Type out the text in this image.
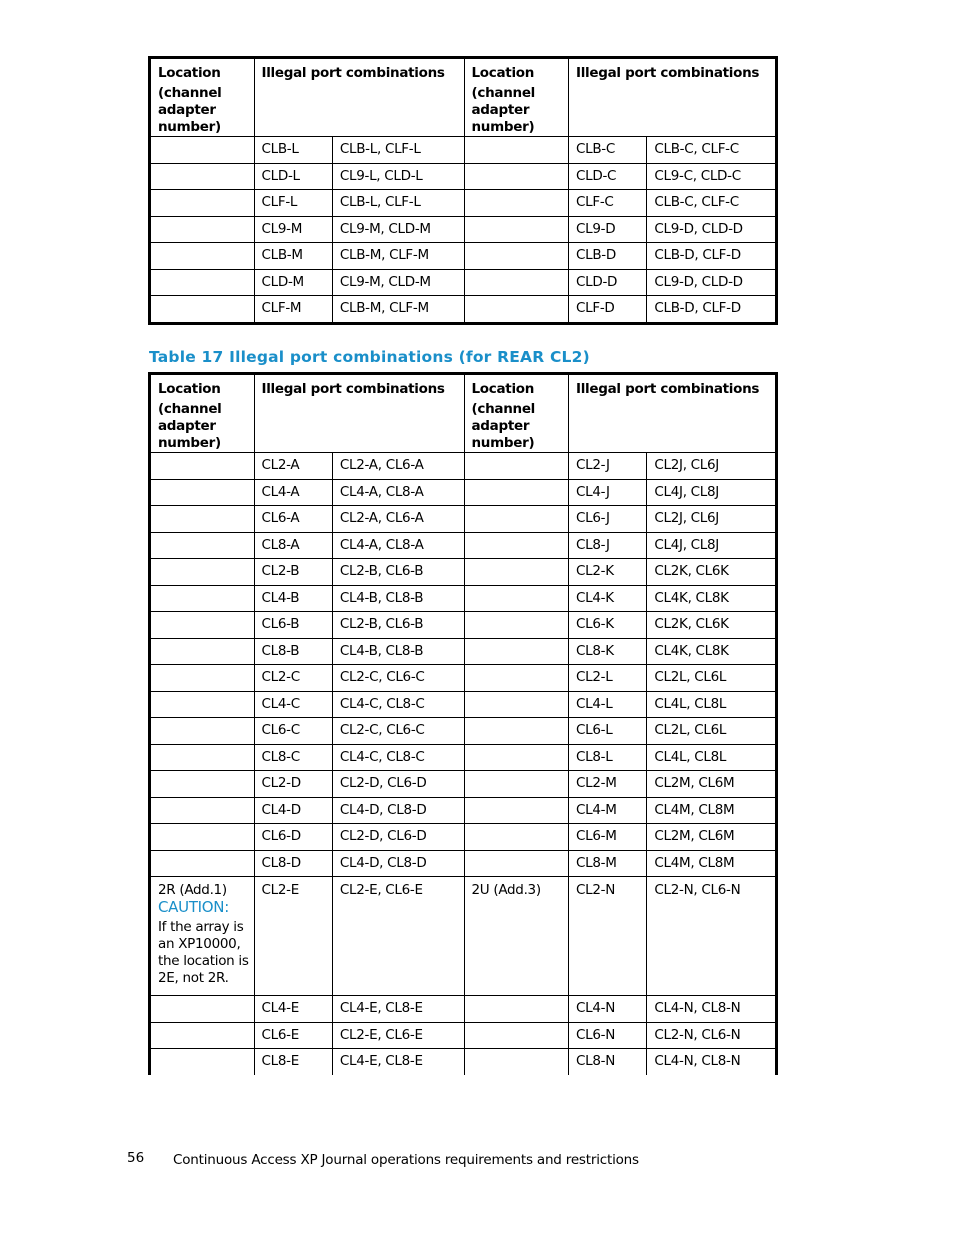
Location
(channel
adapter
number)	Illegal port combinations		Location
(channel
adapter
number)	Illegal port combinations	
	CLB-L	CLB-L, CLF-L		CLB-C	CLB-C, CLF-C
	CLD-L	CL9-L, CLD-L		CLD-C	CL9-C, CLD-C
	CLF-L	CLB-L, CLF-L		CLF-C	CLB-C, CLF-C
	CL9-M	CL9-M, CLD-M		CL9-D	CL9-D, CLD-D
	CLB-M	CLB-M, CLF-M		CLB-D	CLB-D, CLF-D
	CLD-M	CL9-M, CLD-M		CLD-D	CL9-D, CLD-D
	CLF-M	CLB-M, CLF-M		CLF-D	CLB-D, CLF-D
Table 17 Illegal port combinations (for REAR CL2)
Location
(channel
adapter
number)	Illegal port combinations		Location
(channel
adapter
number)	Illegal port combinations	
	CL2-A	CL2-A, CL6-A		CL2-J	CL2J, CL6J
	CL4-A	CL4-A, CL8-A		CL4-J	CL4J, CL8J
	CL6-A	CL2-A, CL6-A		CL6-J	CL2J, CL6J
	CL8-A	CL4-A, CL8-A		CL8-J	CL4J, CL8J
	CL2-B	CL2-B, CL6-B		CL2-K	CL2K, CL6K
	CL4-B	CL4-B, CL8-B		CL4-K	CL4K, CL8K
	CL6-B	CL2-B, CL6-B		CL6-K	CL2K, CL6K
	CL8-B	CL4-B, CL8-B		CL8-K	CL4K, CL8K
	CL2-C	CL2-C, CL6-C		CL2-L	CL2L, CL6L
	CL4-C	CL4-C, CL8-C		CL4-L	CL4L, CL8L
	CL6-C	CL2-C, CL6-C		CL6-L	CL2L, CL6L
	CL8-C	CL4-C, CL8-C		CL8-L	CL4L, CL8L
	CL2-D	CL2-D, CL6-D		CL2-M	CL2M, CL6M
	CL4-D	CL4-D, CL8-D		CL4-M	CL4M, CL8M
	CL6-D	CL2-D, CL6-D		CL6-M	CL2M, CL6M
	CL8-D	CL4-D, CL8-D		CL8-M	CL4M, CL8M

2R (Add.1)
CAUTION:
If the array is an XP10000, the location is 2E, not 2R.	CL2-E	CL2-E, CL6-E	2U (Add.3)	CL2-N	CL2-N, CL6-N
	CL4-E	CL4-E, CL8-E		CL4-N	CL4-N, CL8-N
	CL6-E	CL2-E, CL6-E		CL6-N	CL2-N, CL6-N
	CL8-E	CL4-E, CL8-E		CL8-N	CL4-N, CL8-N
56 Continuous Access XP Journal operations requirements and restrictions
